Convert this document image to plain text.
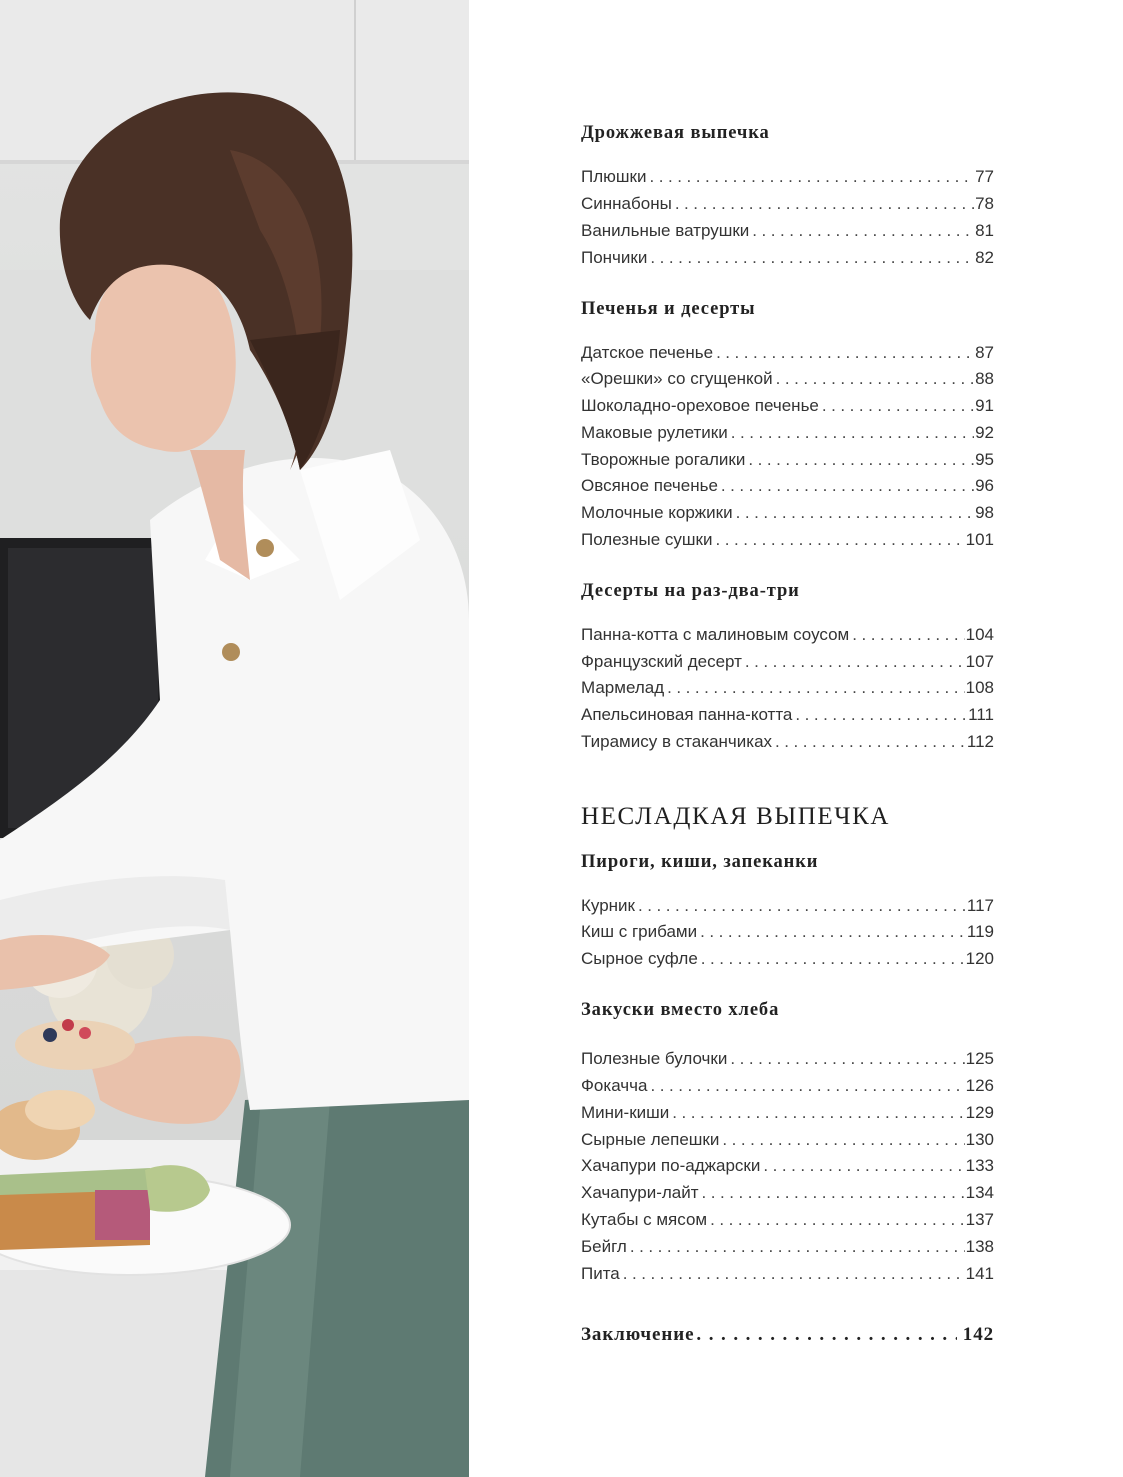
Дрожжевая выпечка
Плюшки . . .	77
Синнабоны . . .	78
Ванильные ватрушки . . .	81
Пончики . . .	82
Печенья и десерты
Датское печенье . . .	87
«Орешки» со сгущенкой . . .	88
Шоколадно-ореховое печенье . . .	91
Маковые рулетики . . .	92
Творожные рогалики . . .	95
Овсяное печенье . . .	96
Молочные коржики . . .	98
Полезные сушки . . .	101
Десерты на раз-два-три
Панна-котта с малиновым соусом . . .	104
Французский десерт . . .	107
Мармелад . . .	108
Апельсиновая панна-котта . . .	111
Тирамису в стаканчиках . . .	112
НЕСЛАДКАЯ ВЫПЕЧКА
Пироги, киши, запеканки
Курник . . .	117
Киш с грибами . . .	119
Сырное суфле . . .	120
Закуски вместо хлеба
Полезные булочки . . .	125
Фокачча . . .	126
Мини-киши . . .	129
Сырные лепешки . . .	130
Хачапури по-аджарски . . .	133
Хачапури-лайт . . .	134
Кутабы с мясом . . .	137
Бейгл . . .	138
Пита . . .	141
Заключение . . .	142
